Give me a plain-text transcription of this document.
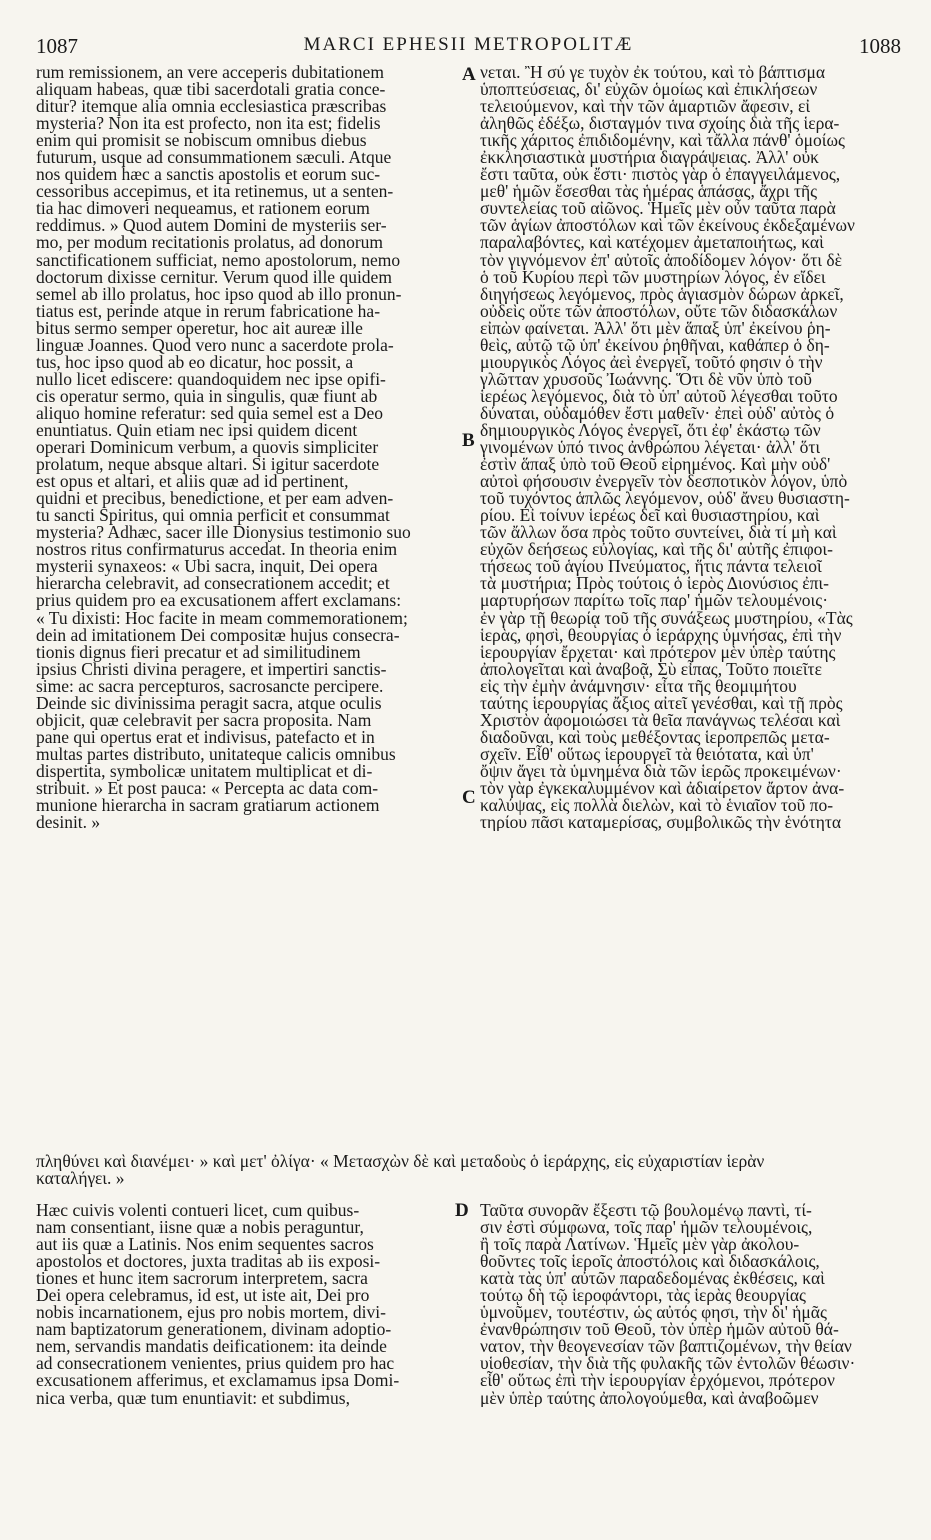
1087	MARCI EPHESII METROPOLITÆ	1088
rum remissionem, an vere acceperis dubitationem
aliquam habeas, quæ tibi sacerdotali gratia conce-
ditur? itemque alia omnia ecclesiastica præscribas
mysteria? Non ita est profecto, non ita est; fidelis
enim qui promisit se nobiscum omnibus diebus
futurum, usque ad consummationem sæculi. Atque
nos quidem hæc a sanctis apostolis et eorum suc-
cessoribus accepimus, et ita retinemus, ut a senten-
tia hac dimoveri nequeamus, et rationem eorum
reddimus. » Quod autem Domini de mysteriis ser-
mo, per modum recitationis prolatus, ad donorum
sanctificationem sufficiat, nemo apostolorum, nemo
doctorum dixisse cernitur. Verum quod ille quidem
semel ab illo prolatus, hoc ipso quod ab illo pronun-
tiatus est, perinde atque in rerum fabricatione ha-
bitus sermo semper operetur, hoc ait aureæ ille
linguæ Joannes. Quod vero nunc a sacerdote prola-
tus, hoc ipso quod ab eo dicatur, hoc possit, a
nullo licet ediscere: quandoquidem nec ipse opifi-
cis operatur sermo, quia in singulis, quæ fiunt ab
aliquo homine referatur: sed quia semel est a Deo
enuntiatus. Quin etiam nec ipsi quidem dicent
operari Dominicum verbum, a quovis simpliciter
prolatum, neque absque altari. Si igitur sacerdote
est opus et altari, et aliis quæ ad id pertinent,
quidni et precibus, benedictione, et per eam adven-
tu sancti Spiritus, qui omnia perficit et consummat
mysteria? Adhæc, sacer ille Dionysius testimonio suo
nostros ritus confirmaturus accedat. In theoria enim
mysterii synaxeos: « Ubi sacra, inquit, Dei opera
hierarcha celebravit, ad consecrationem accedit; et
prius quidem pro ea excusationem affert exclamans:
« Tu dixisti: Hoc facite in meam commemorationem;
dein ad imitationem Dei compositæ hujus consecra-
tionis dignus fieri precatur et ad similitudinem
ipsius Christi divina peragere, et impertiri sanctis-
sime: ac sacra percepturos, sacrosancte percipere.
Deinde sic divinissima peragit sacra, atque oculis
objicit, quæ celebravit per sacra proposita. Nam
pane qui opertus erat et indivisus, patefacto et in
multas partes distributo, unitateque calicis omnibus
dispertita, symbolicæ unitatem multiplicat et di-
stribuit. » Et post pauca: « Percepta ac data com-
munione hierarcha in sacram gratiarum actionem
desinit. »
νεται. Ἢ σύ γε τυχὸν ἐκ τούτου, καὶ τὸ βάπτισμα
ὑποπτεύσειας, δι' εὐχῶν ὁμοίως καὶ ἐπικλήσεων
τελειούμενον, καὶ τὴν τῶν ἁμαρτιῶν ἄφεσιν, εἰ
ἀληθῶς ἐδέξω, δισταγμόν τινα σχοίης διὰ τῆς ἱερα-
τικῆς χάριτος ἐπιδιδομένην, καὶ τἄλλα πάνθ' ὁμοίως
ἐκκλησιαστικὰ μυστήρια διαγράψειας. Ἀλλ' οὐκ
ἔστι ταῦτα, οὐκ ἔστι· πιστὸς γὰρ ὁ ἐπαγγειλάμενος,
μεθ' ἡμῶν ἔσεσθαι τὰς ἡμέρας ἁπάσας, ἄχρι τῆς
συντελείας τοῦ αἰῶνος. Ἡμεῖς μὲν οὖν ταῦτα παρὰ
τῶν ἁγίων ἀποστόλων καὶ τῶν ἐκείνους ἐκδεξαμένων
παραλαβόντες, καὶ κατέχομεν ἀμεταποιήτως, καὶ
τὸν γιγνόμενον ἐπ' αὐτοῖς ἀποδίδομεν λόγον· ὅτι δὲ
ὁ τοῦ Κυρίου περὶ τῶν μυστηρίων λόγος, ἐν εἴδει
διηγήσεως λεγόμενος, πρὸς ἁγιασμὸν δώρων ἀρκεῖ,
οὐδεὶς οὔτε τῶν ἀποστόλων, οὔτε τῶν διδασκάλων
εἰπὼν φαίνεται. Ἀλλ' ὅτι μὲν ἅπαξ ὑπ' ἐκείνου ῥη-
θεὶς, αὐτῷ τῷ ὑπ' ἐκείνου ῥηθῆναι, καθάπερ ὁ δη-
μιουργικὸς Λόγος ἀεὶ ἐνεργεῖ, τοῦτό φησιν ὁ τὴν
γλῶτταν χρυσοῦς Ἰωάννης. Ὅτι δὲ νῦν ὑπὸ τοῦ
ἱερέως λεγόμενος, διὰ τὸ ὑπ' αὐτοῦ λέγεσθαι τοῦτο
δύναται, οὐδαμόθεν ἔστι μαθεῖν· ἐπεὶ οὐδ' αὐτὸς ὁ
δημιουργικὸς Λόγος ἐνεργεῖ, ὅτι ἐφ' ἑκάστῳ τῶν
γινομένων ὑπό τινος ἀνθρώπου λέγεται· ἀλλ' ὅτι
ἐστὶν ἅπαξ ὑπὸ τοῦ Θεοῦ εἰρημένος. Καὶ μὴν οὐδ'
αὐτοὶ φήσουσιν ἐνεργεῖν τὸν δεσποτικὸν λόγον, ὑπὸ
τοῦ τυχόντος ἁπλῶς λεγόμενον, οὐδ' ἄνευ θυσιαστη-
ρίου. Εἰ τοίνυν ἱερέως δεῖ καὶ θυσιαστηρίου, καὶ
τῶν ἄλλων ὅσα πρὸς τοῦτο συντείνει, διὰ τί μὴ καὶ
εὐχῶν δεήσεως εὐλογίας, καὶ τῆς δι' αὐτῆς ἐπιφοι-
τήσεως τοῦ ἁγίου Πνεύματος, ἥτις πάντα τελειοῖ
τὰ μυστήρια; Πρὸς τούτοις ὁ ἱερὸς Διονύσιος ἐπι-
μαρτυρήσων παρίτω τοῖς παρ' ἡμῶν τελουμένοις·
ἐν γὰρ τῇ θεωρίᾳ τοῦ τῆς συνάξεως μυστηρίου, «Τὰς
ἱερὰς, φησὶ, θεουργίας ὁ ἱεράρχης ὑμνήσας, ἐπὶ τὴν
ἱερουργίαν ἔρχεται· καὶ πρότερον μὲν ὑπὲρ ταύτης
ἀπολογεῖται καὶ ἀναβοᾷ, Σὺ εἶπας, Τοῦτο ποιεῖτε
εἰς τὴν ἐμὴν ἀνάμνησιν· εἶτα τῆς θεομιμήτου
ταύτης ἱερουργίας ἄξιος αἰτεῖ γενέσθαι, καὶ τῇ πρὸς
Χριστὸν ἀφομοιώσει τὰ θεῖα πανάγνως τελέσαι καὶ
διαδοῦναι, καὶ τοὺς μεθέξοντας ἱεροπρεπῶς μετα-
σχεῖν. Εἶθ' οὕτως ἱερουργεῖ τὰ θειότατα, καὶ ὑπ'
ὄψιν ἄγει τὰ ὑμνημένα διὰ τῶν ἱερῶς προκειμένων·
τὸν γὰρ ἐγκεκαλυμμένον καὶ ἀδιαίρετον ἄρτον ἀνα-
καλύψας, εἰς πολλὰ διελὼν, καὶ τὸ ἑνιαῖον τοῦ πο-
τηρίου πᾶσι καταμερίσας, συμβολικῶς τὴν ἑνότητα
πληθύνει καὶ διανέμει· » καὶ μετ' ὀλίγα· « Μετασχὼν δὲ καὶ μεταδοὺς ὁ ἱεράρχης, εἰς εὐχαριστίαν ἱερὰν
καταλήγει. »
Hæc cuivis volenti contueri licet, cum quibus-
nam consentiant, iisne quæ a nobis peraguntur,
aut iis quæ a Latinis. Nos enim sequentes sacros
apostolos et doctores, juxta traditas ab iis exposi-
tiones et hunc item sacrorum interpretem, sacra
Dei opera celebramus, id est, ut iste ait, Dei pro
nobis incarnationem, ejus pro nobis mortem, divi-
nam baptizatorum generationem, divinam adoptio-
nem, servandis mandatis deificationem: ita deinde
ad consecrationem venientes, prius quidem pro hac
excusationem afferimus, et exclamamus ipsa Domi-
nica verba, quæ tum enuntiavit: et subdimus,
Ταῦτα συνορᾶν ἔξεστι τῷ βουλομένῳ παντὶ, τί-
σιν ἐστὶ σύμφωνα, τοῖς παρ' ἡμῶν τελουμένοις,
ἢ τοῖς παρὰ Λατίνων. Ἡμεῖς μὲν γὰρ ἀκολου-
θοῦντες τοῖς ἱεροῖς ἀποστόλοις καὶ διδασκάλοις,
κατὰ τὰς ὑπ' αὐτῶν παραδεδομένας ἐκθέσεις, καὶ
τούτῳ δὴ τῷ ἱεροφάντορι, τὰς ἱερὰς θεουργίας
ὑμνοῦμεν, τουτέστιν, ὡς αὐτός φησι, τὴν δι' ἡμᾶς
ἐνανθρώπησιν τοῦ Θεοῦ, τὸν ὑπὲρ ἡμῶν αὐτοῦ θά-
νατον, τὴν θεογενεσίαν τῶν βαπτιζομένων, τὴν θείαν
υἱοθεσίαν, τὴν διὰ τῆς φυλακῆς τῶν ἐντολῶν θέωσιν·
εἶθ' οὕτως ἐπὶ τὴν ἱερουργίαν ἐρχόμενοι, πρότερον
μὲν ὑπὲρ ταύτης ἀπολογούμεθα, καὶ ἀναβοῶμεν
A
B
C
D
